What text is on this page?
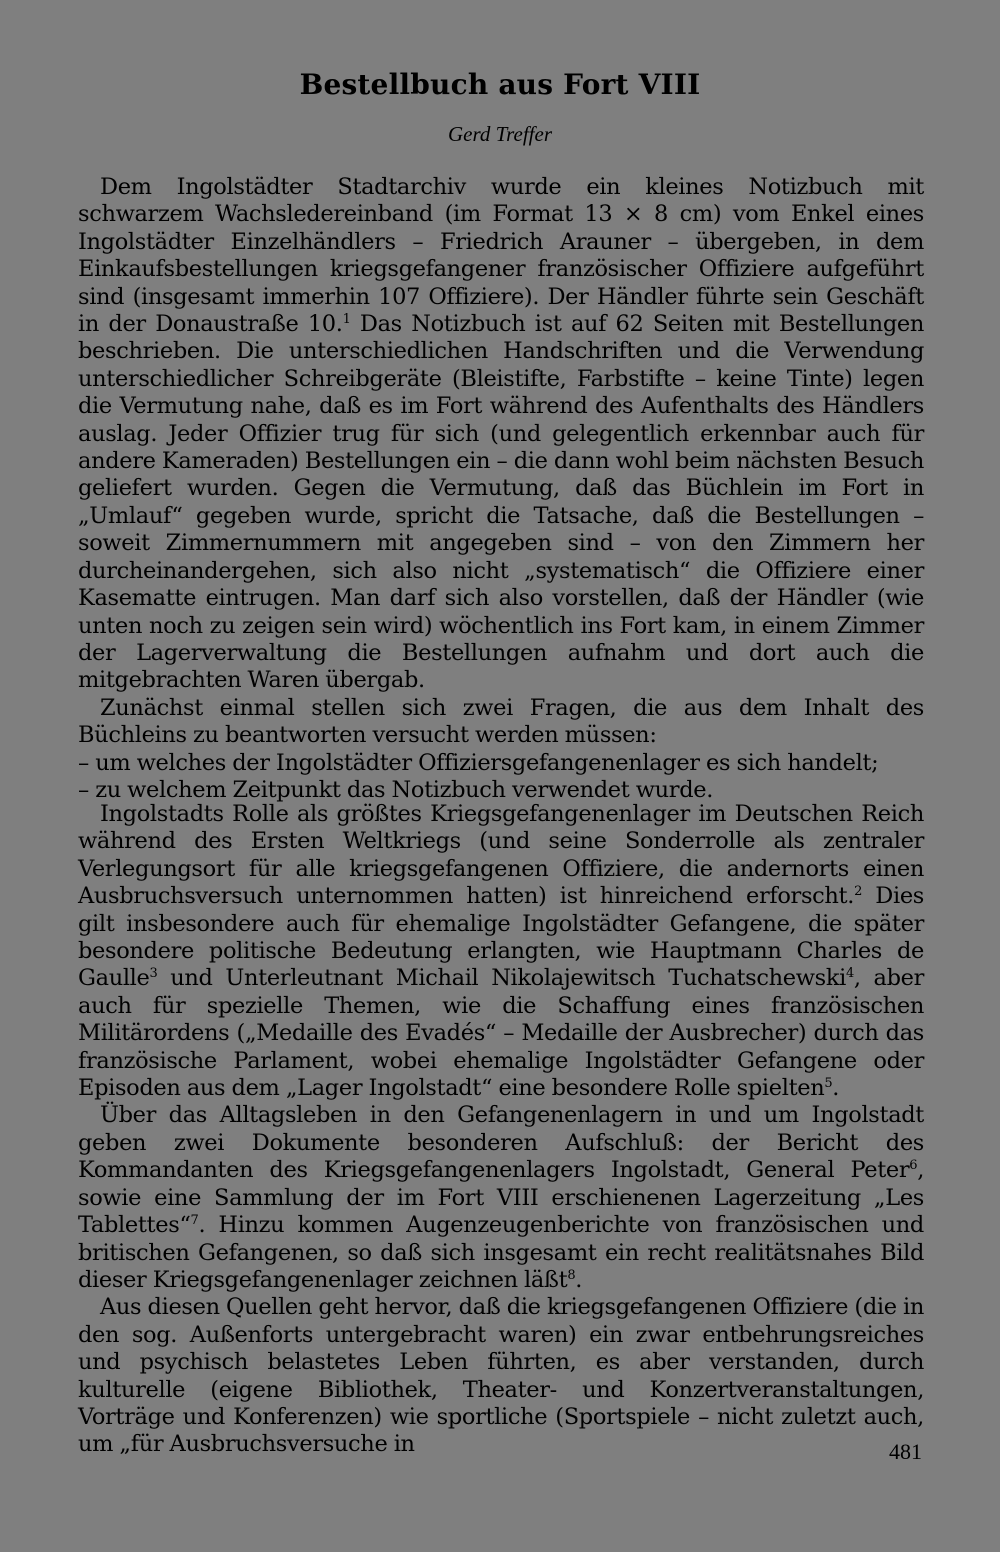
Bestellbuch aus Fort VIII
Gerd Treffer

Dem Ingolstädter Stadtarchiv wurde ein kleines Notizbuch mit schwarzem Wachsledereinband (im Format 13 × 8 cm) vom Enkel eines Ingolstädter Einzelhändlers – Friedrich Arauner – übergeben, in dem Einkaufsbestellungen kriegsgefangener französischer Offiziere aufgeführt sind (insgesamt immerhin 107 Offiziere). Der Händler führte sein Geschäft in der Donaustraße 10.$^1$ Das Notizbuch ist auf 62 Seiten mit Bestellungen beschrieben. Die unterschiedlichen Handschriften und die Verwendung unterschiedlicher Schreibgeräte (Bleistifte, Farbstifte – keine Tinte) legen die Vermutung nahe, daß es im Fort während des Aufenthalts des Händlers auslag. Jeder Offizier trug für sich (und gelegentlich erkennbar auch für andere Kameraden) Bestellungen ein – die dann wohl beim nächsten Besuch geliefert wurden. Gegen die Vermutung, daß das Büchlein im Fort in „Umlauf“ gegeben wurde, spricht die Tatsache, daß die Bestellungen – soweit Zimmernummern mit angegeben sind – von den Zimmern her durcheinandergehen, sich also nicht „systematisch“ die Offiziere einer Kasematte eintrugen. Man darf sich also vorstellen, daß der Händler (wie unten noch zu zeigen sein wird) wöchentlich ins Fort kam, in einem Zimmer der Lagerverwaltung die Bestellungen aufnahm und dort auch die mitgebrachten Waren übergab.

Zunächst einmal stellen sich zwei Fragen, die aus dem Inhalt des Büchleins zu beantworten versucht werden müssen:

– um welches der Ingolstädter Offiziersgefangenenlager es sich handelt;

– zu welchem Zeitpunkt das Notizbuch verwendet wurde.

Ingolstadts Rolle als größtes Kriegsgefangenenlager im Deutschen Reich während des Ersten Weltkriegs (und seine Sonderrolle als zentraler Verlegungsort für alle kriegsgefangenen Offiziere, die andernorts einen Ausbruchsversuch unternommen hatten) ist hinreichend erforscht.$^2$ Dies gilt insbesondere auch für ehemalige Ingolstädter Gefangene, die später besondere politische Bedeutung erlangten, wie Hauptmann Charles de Gaulle$^3$ und Unterleutnant Michail Nikolajewitsch Tuchatschewski$^4$, aber auch für spezielle Themen, wie die Schaffung eines französischen Militärordens („Medaille des Evadés“ – Medaille der Ausbrecher) durch das französische Parlament, wobei ehemalige Ingolstädter Gefangene oder Episoden aus dem „Lager Ingolstadt“ eine besondere Rolle spielten$^5$.

Über das Alltagsleben in den Gefangenenlagern in und um Ingolstadt geben zwei Dokumente besonderen Aufschluß: der Bericht des Kommandanten des Kriegsgefangenenlagers Ingolstadt, General Peter$^6$, sowie eine Sammlung der im Fort VIII erschienenen Lagerzeitung „Les Tablettes“$^7$. Hinzu kommen Augenzeugenberichte von französischen und britischen Gefangenen, so daß sich insgesamt ein recht realitätsnahes Bild dieser Kriegsgefangenenlager zeichnen läßt$^8$.

Aus diesen Quellen geht hervor, daß die kriegsgefangenen Offiziere (die in den sog. Außenforts untergebracht waren) ein zwar entbehrungsreiches und psychisch belastetes Leben führten, es aber verstanden, durch kulturelle (eigene Bibliothek, Theater- und Konzertveranstaltungen, Vorträge und Konferenzen) wie sportliche (Sportspiele – nicht zuletzt auch, um „für Ausbruchsversuche in	481
